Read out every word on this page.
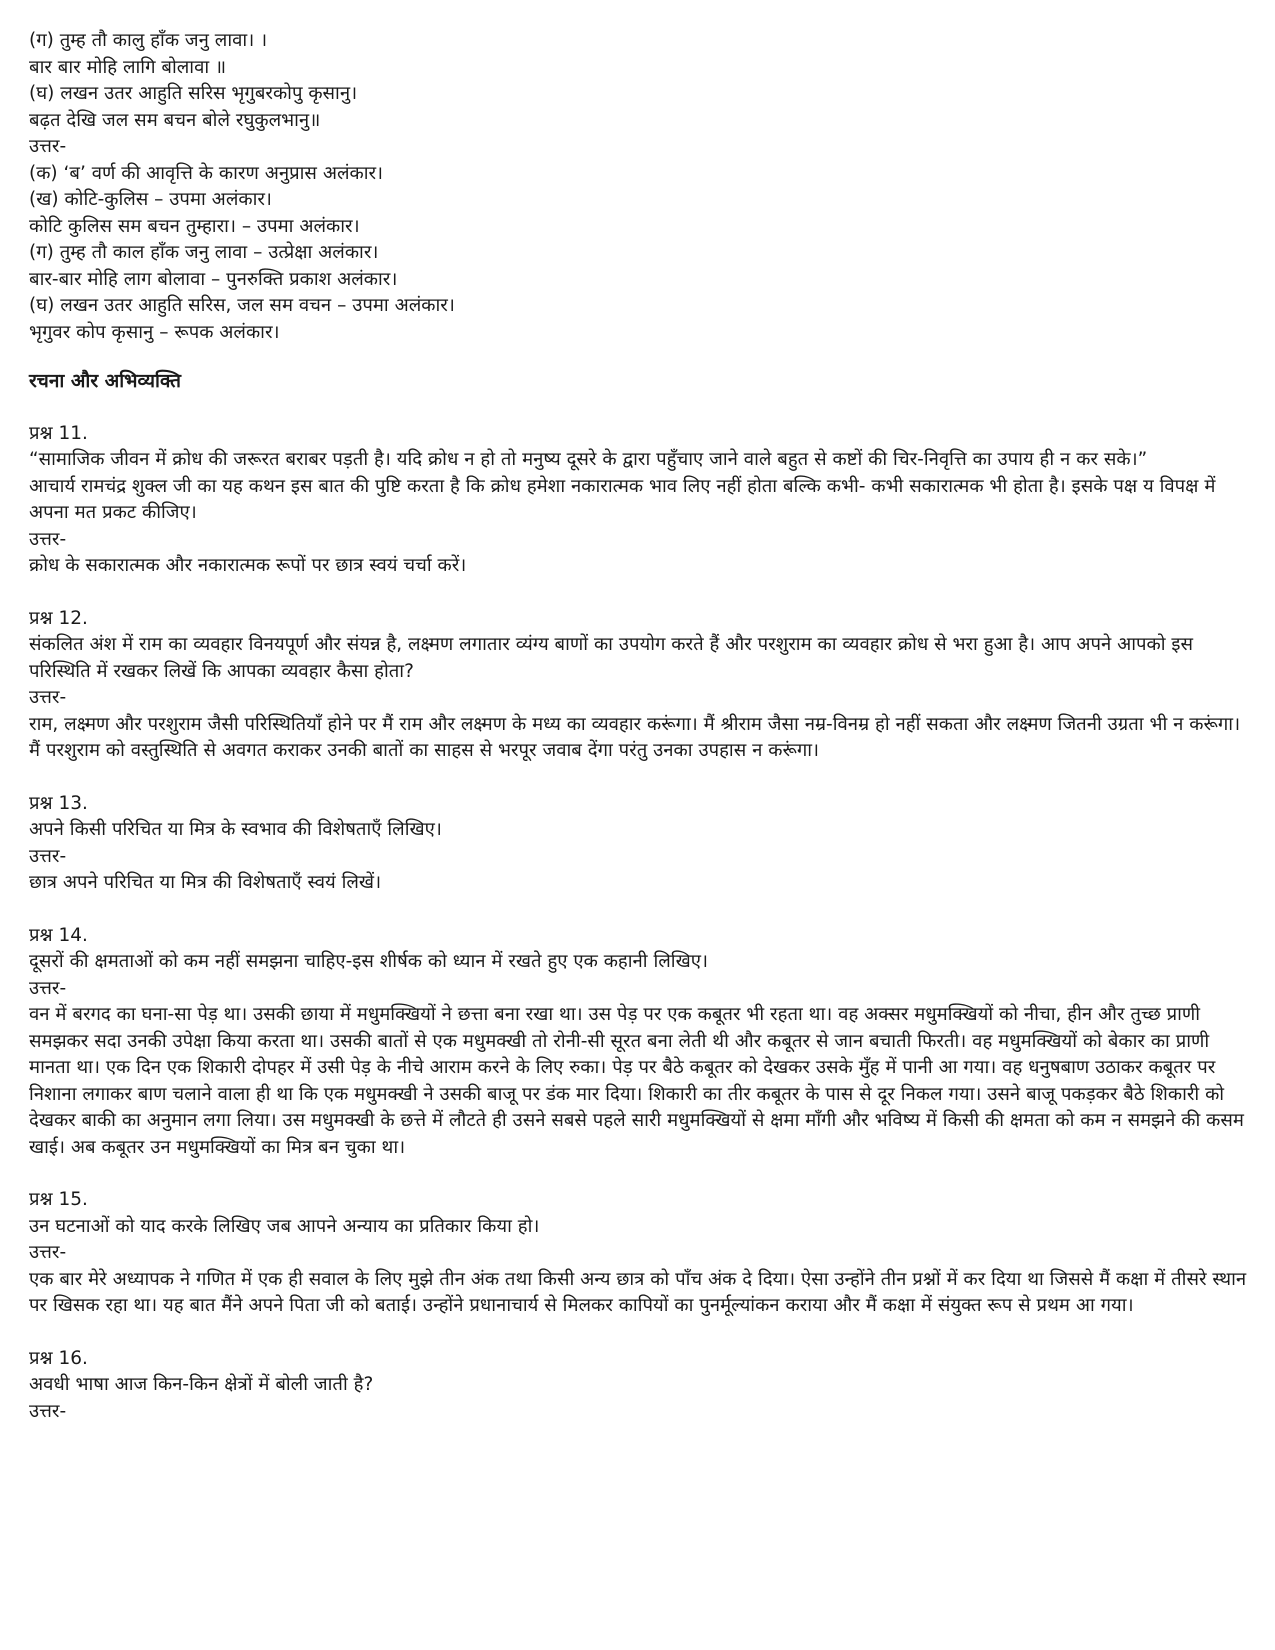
(ग) तुम्ह तौ कालु हाँक जनु लावा। ।
बार बार मोहि लागि बोलावा ॥
(घ) लखन उतर आहुति सरिस भृगुबरकोपु कृसानु।
बढ़त देखि जल सम बचन बोले रघुकुलभानु॥
उत्तर-
(क) ‘ब’ वर्ण की आवृत्ति के कारण अनुप्रास अलंकार।
(ख) कोटि-कुलिस – उपमा अलंकार।
कोटि कुलिस सम बचन तुम्हारा। – उपमा अलंकार।
(ग) तुम्ह तौ काल हाँक जनु लावा – उत्प्रेक्षा अलंकार।
बार-बार मोहि लाग बोलावा – पुनरुक्ति प्रकाश अलंकार।
(घ) लखन उतर आहुति सरिस, जल सम वचन – उपमा अलंकार।
भृगुवर कोप कृसानु – रूपक अलंकार।
रचना और अभिव्यक्ति
प्रश्न 11.
“सामाजिक जीवन में क्रोध की जरूरत बराबर पड़ती है। यदि क्रोध न हो तो मनुष्य दूसरे के द्वारा पहुँचाए जाने वाले बहुत से कष्टों की चिर-निवृत्ति का उपाय ही न कर सके।”
आचार्य रामचंद्र शुक्ल जी का यह कथन इस बात की पुष्टि करता है कि क्रोध हमेशा नकारात्मक भाव लिए नहीं होता बल्कि कभी- कभी सकारात्मक भी होता है। इसके पक्ष य विपक्ष में अपना मत प्रकट कीजिए।
उत्तर-
क्रोध के सकारात्मक और नकारात्मक रूपों पर छात्र स्वयं चर्चा करें।
प्रश्न 12.
संकलित अंश में राम का व्यवहार विनयपूर्ण और संयन्न है, लक्ष्मण लगातार व्यंग्य बाणों का उपयोग करते हैं और परशुराम का व्यवहार क्रोध से भरा हुआ है। आप अपने आपको इस परिस्थिति में रखकर लिखें कि आपका व्यवहार कैसा होता?
उत्तर-
राम, लक्ष्मण और परशुराम जैसी परिस्थितियाँ होने पर मैं राम और लक्ष्मण के मध्य का व्यवहार करूंगा। मैं श्रीराम जैसा नम्र-विनम्र हो नहीं सकता और लक्ष्मण जितनी उग्रता भी न करूंगा। मैं परशुराम को वस्तुस्थिति से अवगत कराकर उनकी बातों का साहस से भरपूर जवाब देंगा परंतु उनका उपहास न करूंगा।
प्रश्न 13.
अपने किसी परिचित या मित्र के स्वभाव की विशेषताएँ लिखिए।
उत्तर-
छात्र अपने परिचित या मित्र की विशेषताएँ स्वयं लिखें।
प्रश्न 14.
दूसरों की क्षमताओं को कम नहीं समझना चाहिए-इस शीर्षक को ध्यान में रखते हुए एक कहानी लिखिए।
उत्तर-
वन में बरगद का घना-सा पेड़ था। उसकी छाया में मधुमक्खियों ने छत्ता बना रखा था। उस पेड़ पर एक कबूतर भी रहता था। वह अक्सर मधुमक्खियों को नीचा, हीन और तुच्छ प्राणी समझकर सदा उनकी उपेक्षा किया करता था। उसकी बातों से एक मधुमक्खी तो रोनी-सी सूरत बना लेती थी और कबूतर से जान बचाती फिरती। वह मधुमक्खियों को बेकार का प्राणी मानता था। एक दिन एक शिकारी दोपहर में उसी पेड़ के नीचे आराम करने के लिए रुका। पेड़ पर बैठे कबूतर को देखकर उसके मुँह में पानी आ गया। वह धनुषबाण उठाकर कबूतर पर निशाना लगाकर बाण चलाने वाला ही था कि एक मधुमक्खी ने उसकी बाजू पर डंक मार दिया। शिकारी का तीर कबूतर के पास से दूर निकल गया। उसने बाजू पकड़कर बैठे शिकारी को देखकर बाकी का अनुमान लगा लिया। उस मधुमक्खी के छत्ते में लौटते ही उसने सबसे पहले सारी मधुमक्खियों से क्षमा माँगी और भविष्य में किसी की क्षमता को कम न समझने की कसम खाई। अब कबूतर उन मधुमक्खियों का मित्र बन चुका था।
प्रश्न 15.
उन घटनाओं को याद करके लिखिए जब आपने अन्याय का प्रतिकार किया हो।
उत्तर-
एक बार मेरे अध्यापक ने गणित में एक ही सवाल के लिए मुझे तीन अंक तथा किसी अन्य छात्र को पाँच अंक दे दिया। ऐसा उन्होंने तीन प्रश्नों में कर दिया था जिससे मैं कक्षा में तीसरे स्थान पर खिसक रहा था। यह बात मैंने अपने पिता जी को बताई। उन्होंने प्रधानाचार्य से मिलकर कापियों का पुनर्मूल्यांकन कराया और मैं कक्षा में संयुक्त रूप से प्रथम आ गया।
प्रश्न 16.
अवधी भाषा आज किन-किन क्षेत्रों में बोली जाती है?
उत्तर-
